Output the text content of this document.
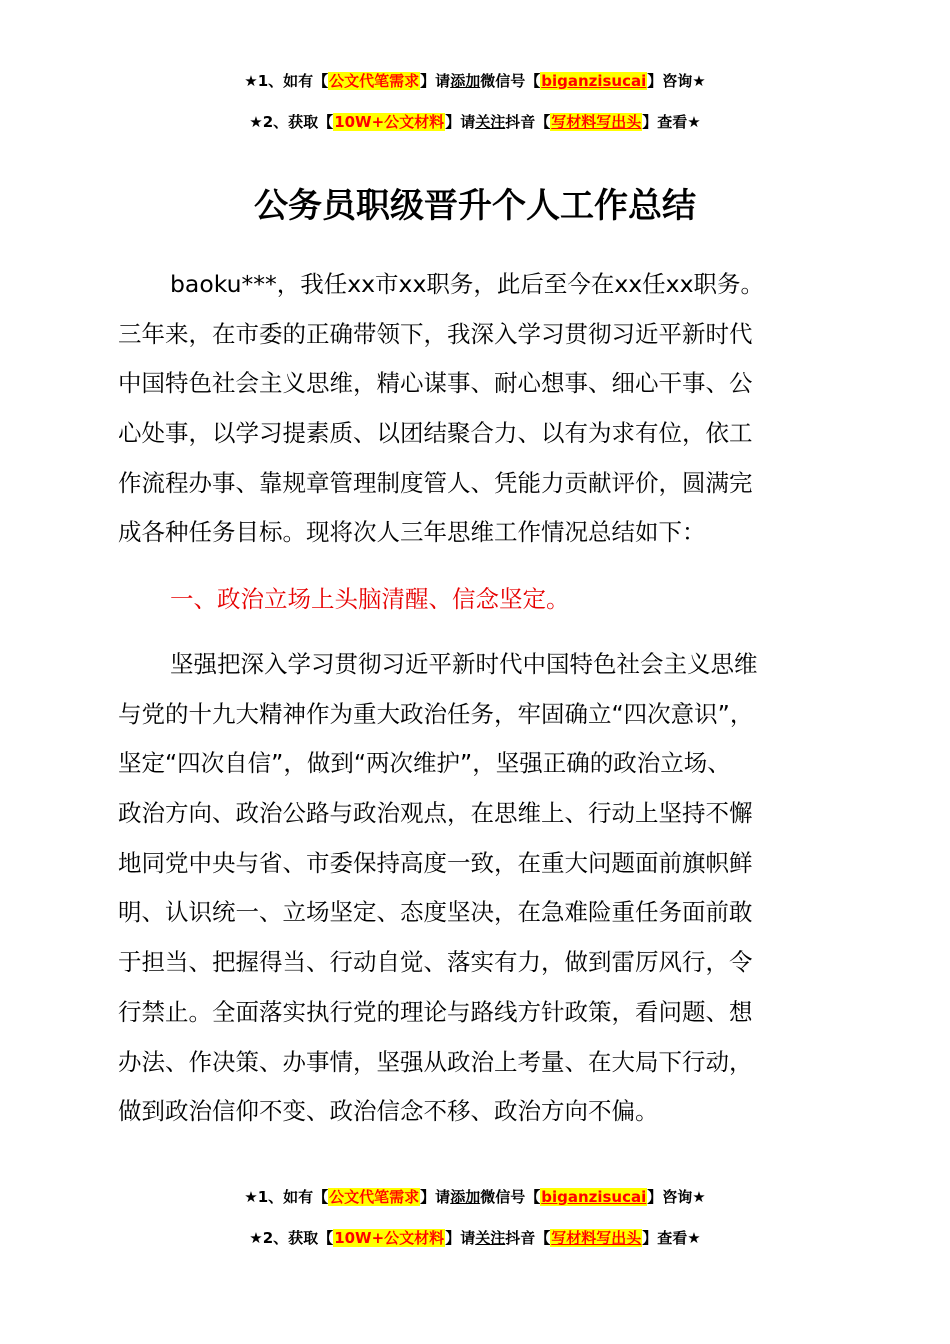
★1、如有【公文代笔需求】请添加微信号【biganzisucai】咨询★
★2、获取【10W+公文材料】请关注抖音【写材料写出头】查看★
公务员职级晋升个人工作总结
baoku***，我任xx市xx职务，此后至今在xx任xx职务。
三年来，在市委的正确带领下，我深入学习贯彻习近平新时代
中国特色社会主义思维，精心谋事、耐心想事、细心干事、公
心处事，以学习提素质、以团结聚合力、以有为求有位，依工
作流程办事、靠规章管理制度管人、凭能力贡献评价，圆满完
成各种任务目标。现将次人三年思维工作情况总结如下：
一、政治立场上头脑清醒、信念坚定。
坚强把深入学习贯彻习近平新时代中国特色社会主义思维
与党的十九大精神作为重大政治任务，牢固确立“四次意识”，
坚定“四次自信”，做到“两次维护”，坚强正确的政治立场、
政治方向、政治公路与政治观点，在思维上、行动上坚持不懈
地同党中央与省、市委保持高度一致，在重大问题面前旗帜鲜
明、认识统一、立场坚定、态度坚决，在急难险重任务面前敢
于担当、把握得当、行动自觉、落实有力，做到雷厉风行，令
行禁止。全面落实执行党的理论与路线方针政策，看问题、想
办法、作决策、办事情，坚强从政治上考量、在大局下行动，
做到政治信仰不变、政治信念不移、政治方向不偏。
★1、如有【公文代笔需求】请添加微信号【biganzisucai】咨询★
★2、获取【10W+公文材料】请关注抖音【写材料写出头】查看★
